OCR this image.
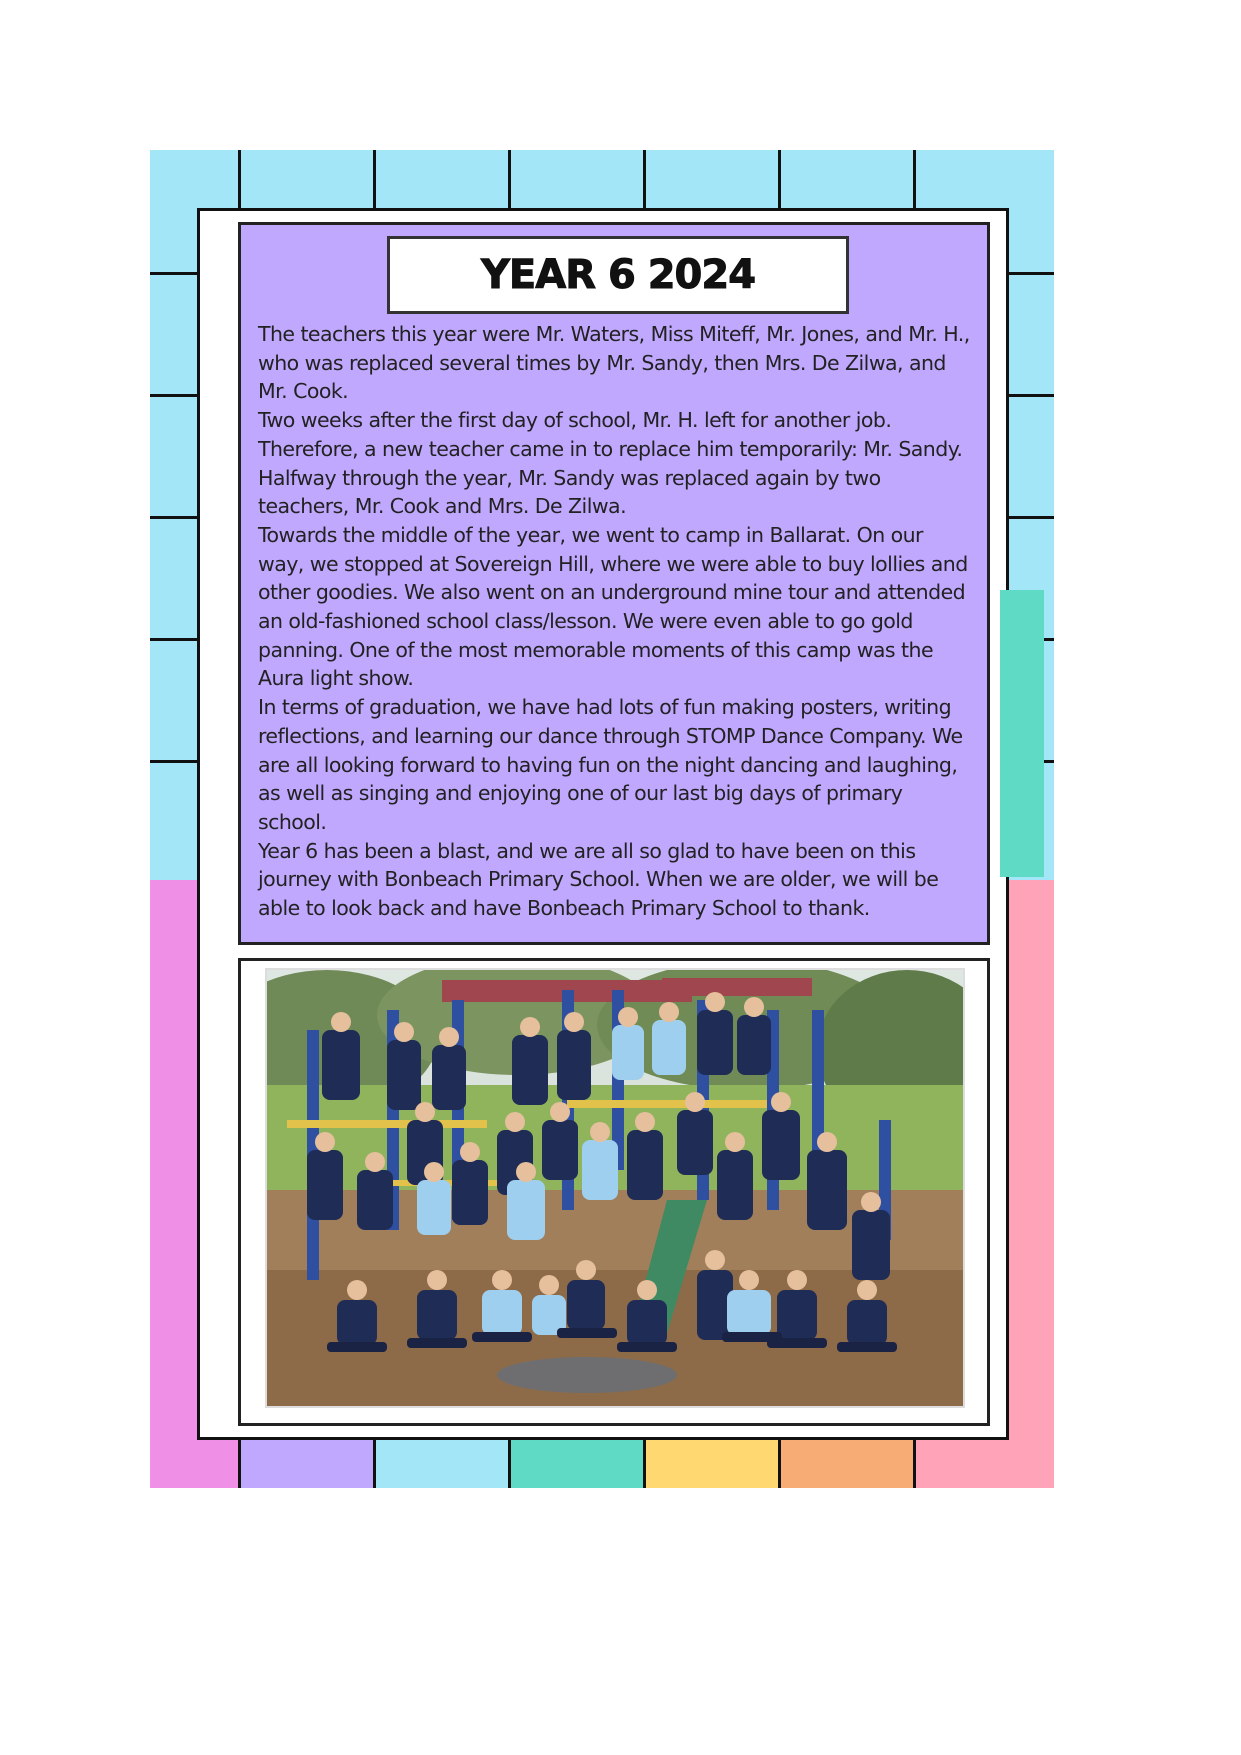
YEAR 6 2024

The teachers this year were Mr. Waters, Miss Miteff, Mr. Jones, and Mr. H., who was replaced several times by Mr. Sandy, then Mrs. De Zilwa, and Mr. Cook.

Two weeks after the first day of school, Mr. H. left for another job. Therefore, a new teacher came in to replace him temporarily: Mr. Sandy. Halfway through the year, Mr. Sandy was replaced again by two teachers, Mr. Cook and Mrs. De Zilwa.

Towards the middle of the year, we went to camp in Ballarat. On our way, we stopped at Sovereign Hill, where we were able to buy lollies and other goodies. We also went on an underground mine tour and attended an old-fashioned school class/lesson. We were even able to go gold panning. One of the most memorable moments of this camp was the Aura light show.

In terms of graduation, we have had lots of fun making posters, writing reflections, and learning our dance through STOMP Dance Company. We are all looking forward to having fun on the night dancing and laughing, as well as singing and enjoying one of our last big days of primary school.

Year 6 has been a blast, and we are all so glad to have been on this journey with Bonbeach Primary School. When we are older, we will be able to look back and have Bonbeach Primary School to thank.
